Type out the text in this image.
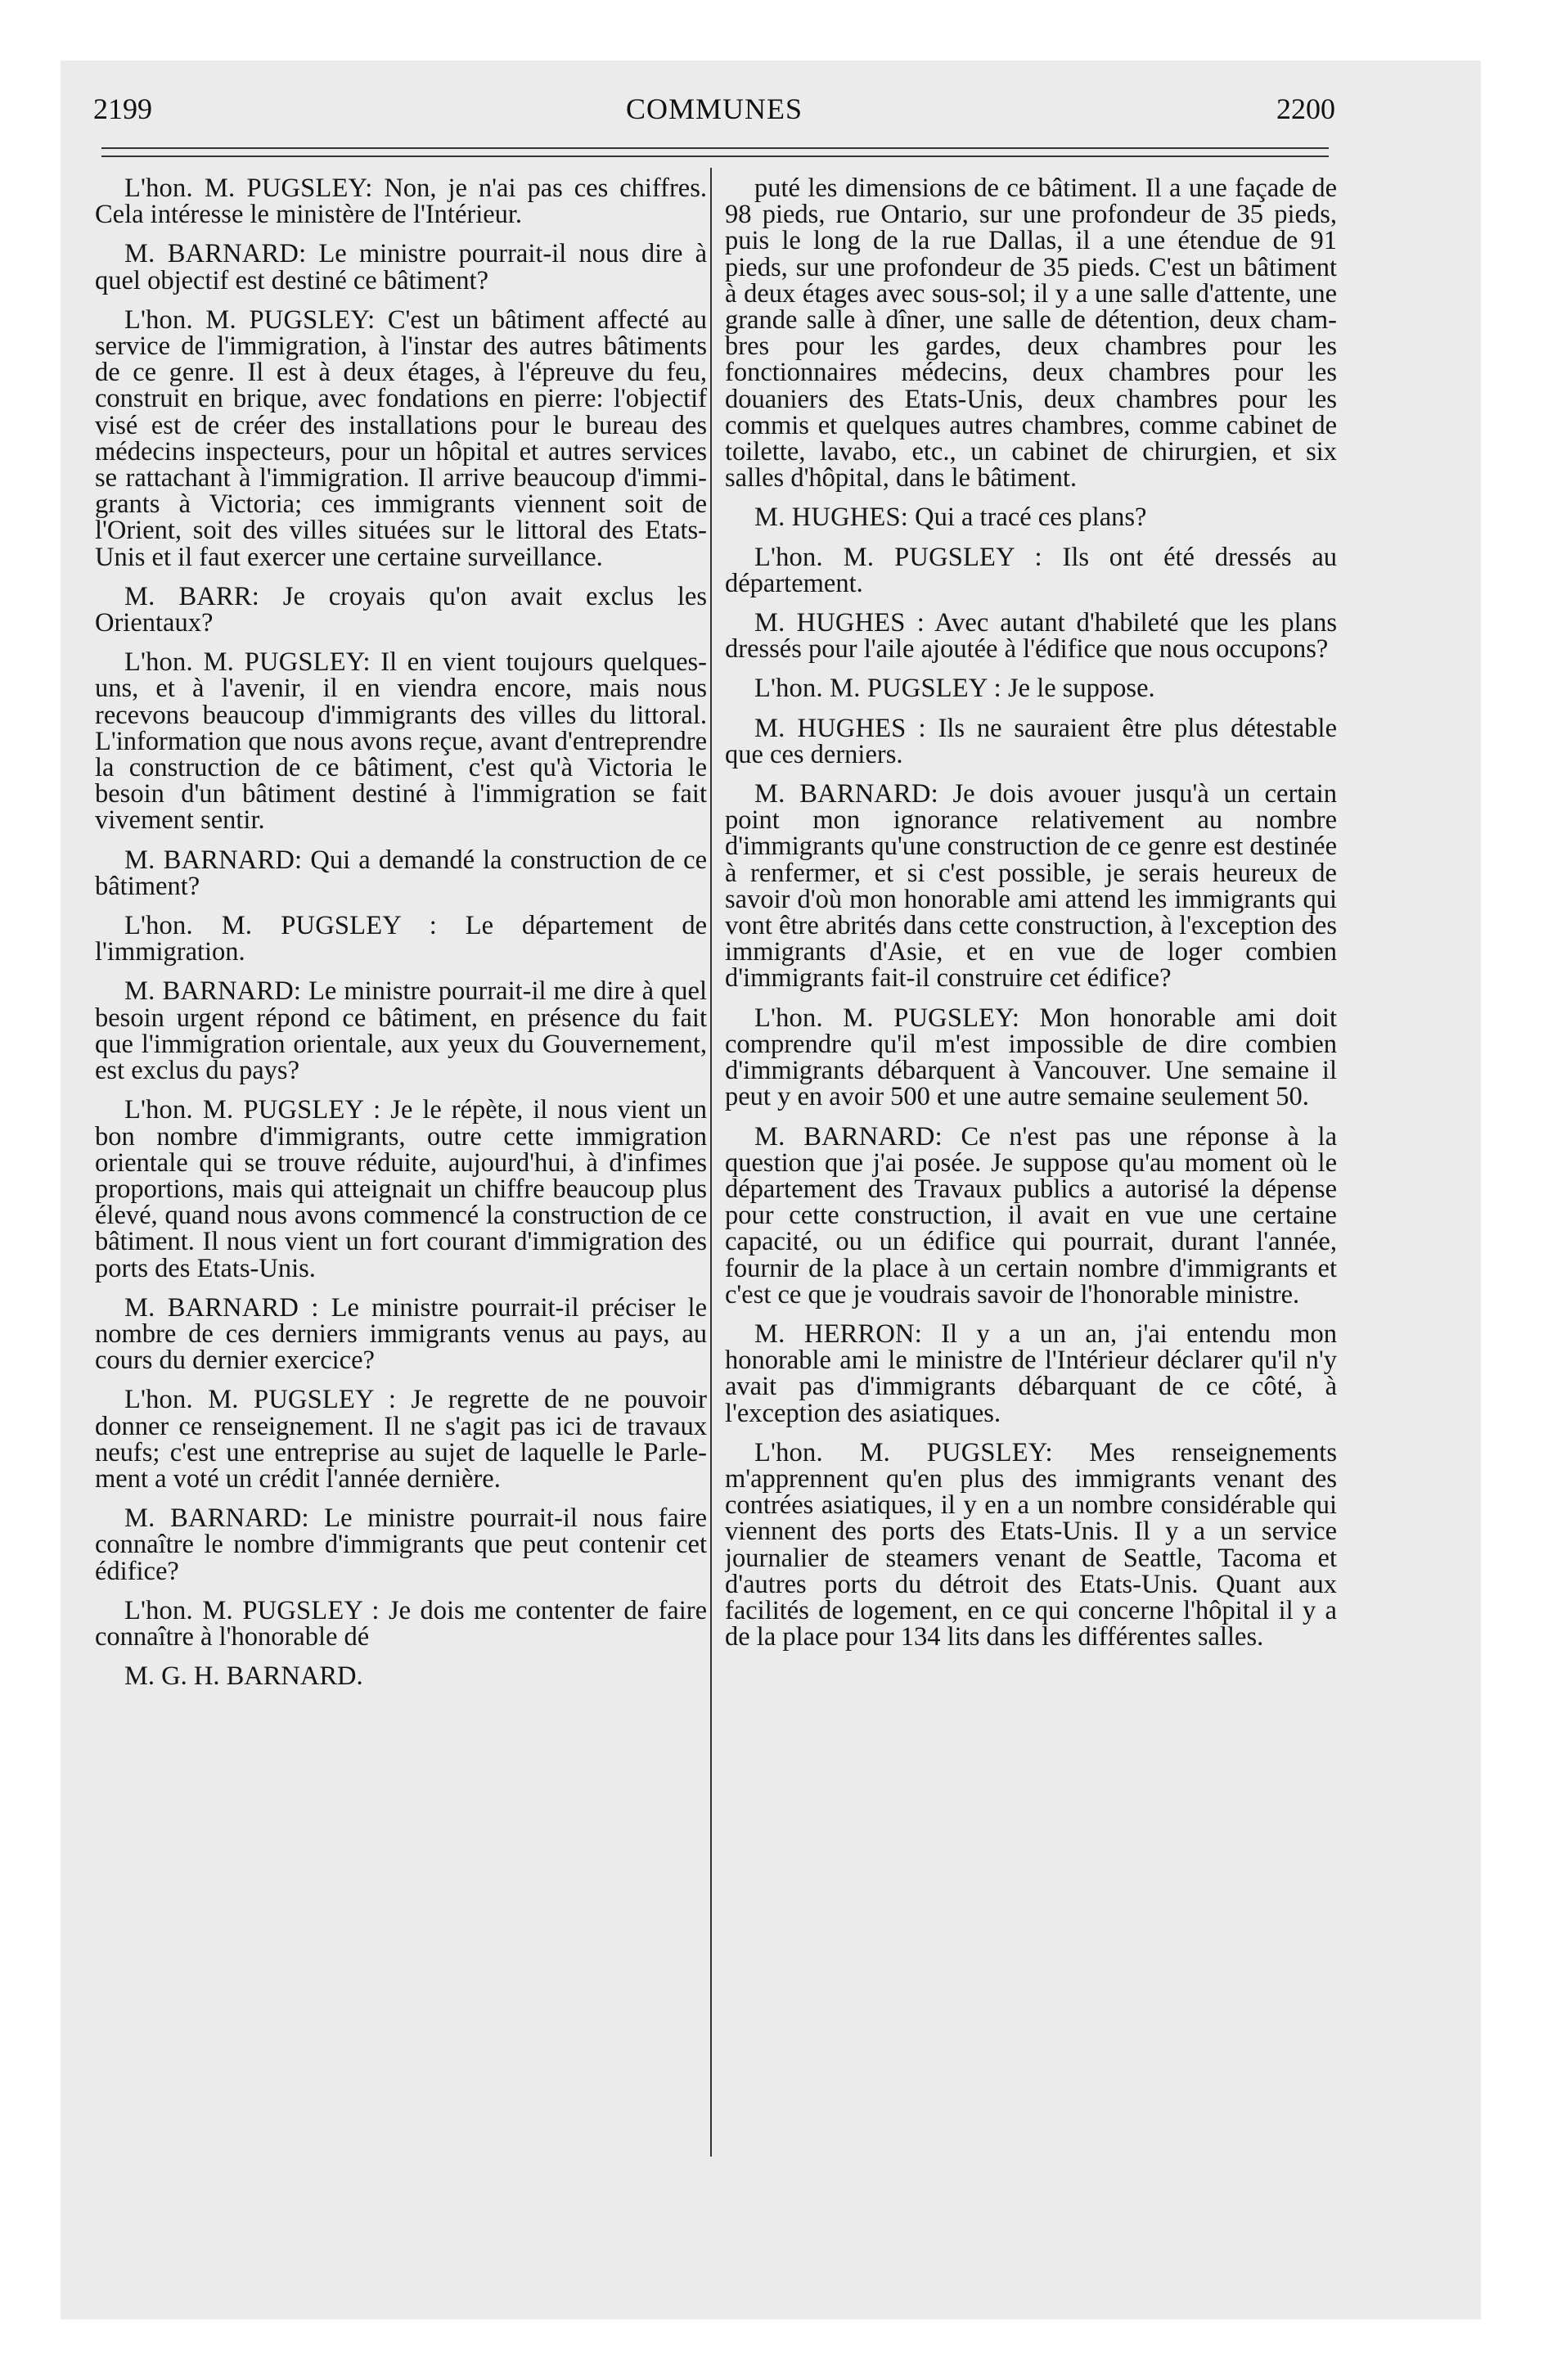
2199	COMMUNES	2200

L'hon. M. PUGSLEY: Non, je n'ai pas ces chiffres. Cela intéresse le ministère de l'Intérieur.

M. BARNARD: Le ministre pourrait-il nous dire à quel objectif est destiné ce bâtiment?

L'hon. M. PUGSLEY: C'est un bâtiment affecté au service de l'immigration, à l'instar des autres bâtiments de ce genre. Il est à deux étages, à l'épreuve du feu, construit en brique, avec fondations en pierre: l'objectif visé est de créer des installations pour le bureau des médecins inspecteurs, pour un hôpital et autres services se rattachant à l'immigration. Il arrive beaucoup d'immigrants à Victoria; ces immigrants viennent soit de l'Orient, soit des villes situées sur le littoral des Etats-Unis et il faut exercer une certaine surveillance.

M. BARR: Je croyais qu'on avait exclus les Orientaux?

L'hon. M. PUGSLEY: Il en vient toujours quelques-uns, et à l'avenir, il en viendra encore, mais nous recevons beaucoup d'immigrants des villes du littoral. L'information que nous avons reçue, avant d'entreprendre la construction de ce bâtiment, c'est qu'à Victoria le besoin d'un bâtiment destiné à l'immigration se fait vivement sentir.

M. BARNARD: Qui a demandé la construction de ce bâtiment?

L'hon. M. PUGSLEY : Le département de l'immigration.

M. BARNARD: Le ministre pourrait-il me dire à quel besoin urgent répond ce bâtiment, en présence du fait que l'immigration orientale, aux yeux du Gouvernement, est exclus du pays?

L'hon. M. PUGSLEY : Je le répète, il nous vient un bon nombre d'immigrants, outre cette immigration orientale qui se trouve réduite, aujourd'hui, à d'infimes proportions, mais qui atteignait un chiffre beaucoup plus élevé, quand nous avons commencé la construction de ce bâtiment. Il nous vient un fort courant d'immigration des ports des Etats-Unis.

M. BARNARD : Le ministre pourrait-il préciser le nombre de ces derniers immigrants venus au pays, au cours du dernier exercice?

L'hon. M. PUGSLEY : Je regrette de ne pouvoir donner ce renseignement. Il ne s'agit pas ici de travaux neufs; c'est une entreprise au sujet de laquelle le Parlement a voté un crédit l'année dernière.

M. BARNARD: Le ministre pourrait-il nous faire connaître le nombre d'immigrants que peut contenir cet édifice?

L'hon. M. PUGSLEY : Je dois me contenter de faire connaître à l'honorable dé

M. G. H. BARNARD.

puté les dimensions de ce bâtiment. Il a une façade de 98 pieds, rue Ontario, sur une profondeur de 35 pieds, puis le long de la rue Dallas, il a une étendue de 91 pieds, sur une profondeur de 35 pieds. C'est un bâtiment à deux étages avec sous-sol; il y a une salle d'attente, une grande salle à dîner, une salle de détention, deux chambres pour les gardes, deux chambres pour les fonctionnaires médecins, deux chambres pour les douaniers des Etats-Unis, deux chambres pour les commis et quelques autres chambres, comme cabinet de toilette, lavabo, etc., un cabinet de chirurgien, et six salles d'hôpital, dans le bâtiment.

M. HUGHES: Qui a tracé ces plans?

L'hon. M. PUGSLEY : Ils ont été dressés au département.

M. HUGHES : Avec autant d'habileté que les plans dressés pour l'aile ajoutée à l'édifice que nous occupons?

L'hon. M. PUGSLEY : Je le suppose.

M. HUGHES : Ils ne sauraient être plus détestable que ces derniers.

M. BARNARD: Je dois avouer jusqu'à un certain point mon ignorance relativement au nombre d'immigrants qu'une construction de ce genre est destinée à renfermer, et si c'est possible, je serais heureux de savoir d'où mon honorable ami attend les immigrants qui vont être abrités dans cette construction, à l'exception des immigrants d'Asie, et en vue de loger combien d'immigrants fait-il construire cet édifice?

L'hon. M. PUGSLEY: Mon honorable ami doit comprendre qu'il m'est impossible de dire combien d'immigrants débarquent à Vancouver. Une semaine il peut y en avoir 500 et une autre semaine seulement 50.

M. BARNARD: Ce n'est pas une réponse à la question que j'ai posée. Je suppose qu'au moment où le département des Travaux publics a autorisé la dépense pour cette construction, il avait en vue une certaine capacité, ou un édifice qui pourrait, durant l'année, fournir de la place à un certain nombre d'immigrants et c'est ce que je voudrais savoir de l'honorable ministre.

M. HERRON: Il y a un an, j'ai entendu mon honorable ami le ministre de l'Intérieur déclarer qu'il n'y avait pas d'immigrants débarquant de ce côté, à l'exception des asiatiques.

L'hon. M. PUGSLEY: Mes renseignements m'apprennent qu'en plus des immigrants venant des contrées asiatiques, il y en a un nombre considérable qui viennent des ports des Etats-Unis. Il y a un service journalier de steamers venant de Seattle, Tacoma et d'autres ports du détroit des Etats-Unis. Quant aux facilités de logement, en ce qui concerne l'hôpital il y a de la place pour 134 lits dans les différentes salles.
